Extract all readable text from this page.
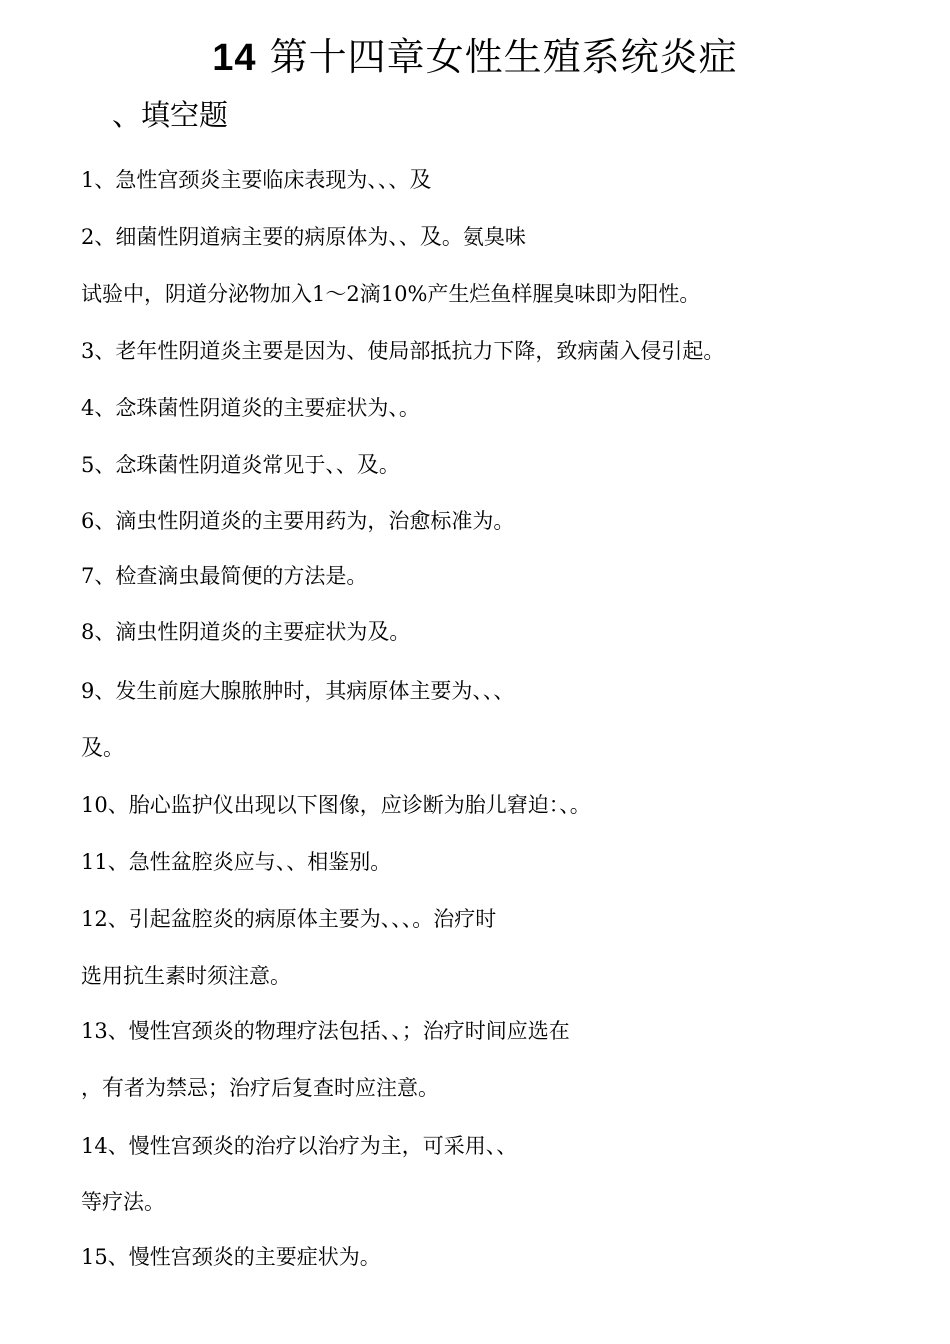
14 第十四章女性生殖系统炎症
、填空题
1、急性宫颈炎主要临床表现为、、、及
2、细菌性阴道病主要的病原体为、、及。氨臭味
试验中，阴道分泌物加入1〜2滴10%产生烂鱼样腥臭味即为阳性。
3、老年性阴道炎主要是因为、使局部抵抗力下降，致病菌入侵引起。
4、念珠菌性阴道炎的主要症状为、。
5、念珠菌性阴道炎常见于、、及。
6、滴虫性阴道炎的主要用药为，治愈标准为。
7、检查滴虫最简便的方法是。
8、滴虫性阴道炎的主要症状为及。
9、发生前庭大腺脓肿时，其病原体主要为、、、
及。
10、胎心监护仪出现以下图像，应诊断为胎儿窘迫：、。
11、急性盆腔炎应与、、相鉴别。
12、引起盆腔炎的病原体主要为、、、。治疗时
选用抗生素时须注意。
13、慢性宫颈炎的物理疗法包括、、；治疗时间应选在
，有者为禁忌；治疗后复查时应注意。
14、慢性宫颈炎的治疗以治疗为主，可采用、、
等疗法。
15、慢性宫颈炎的主要症状为。
